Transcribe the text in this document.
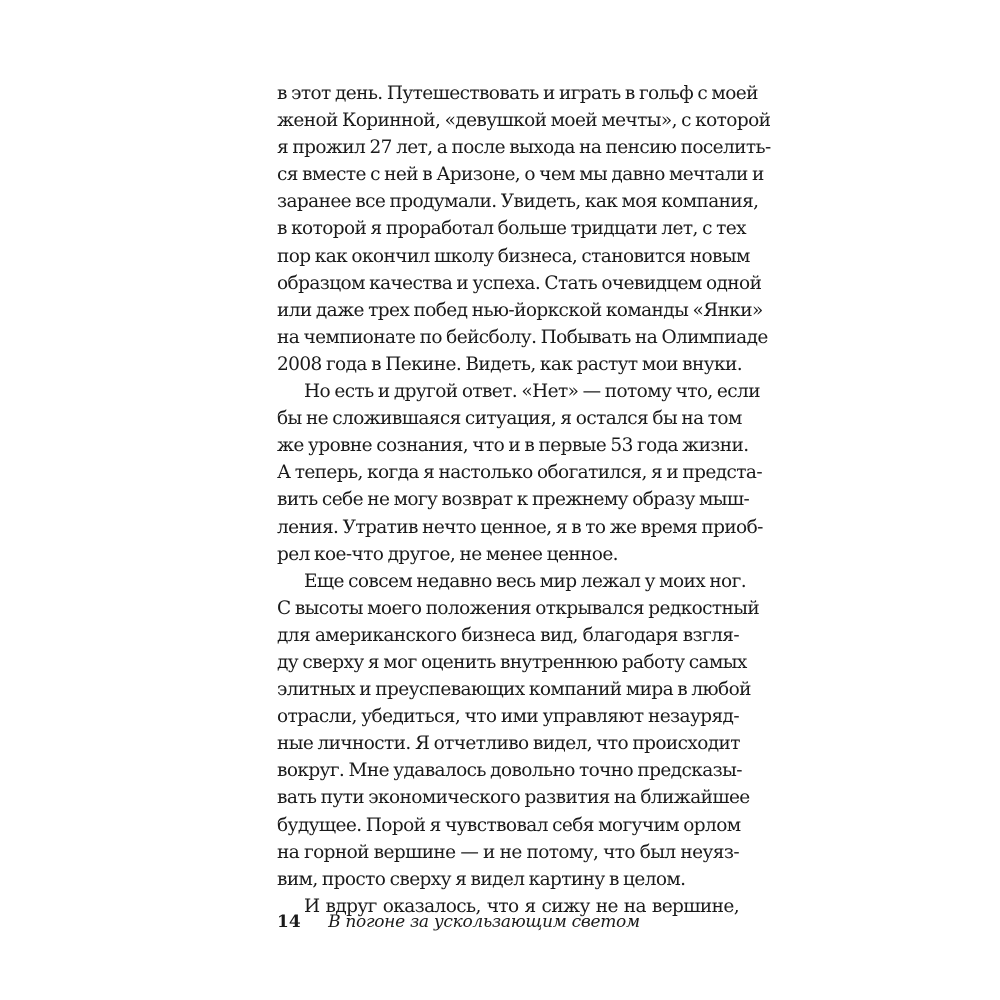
в этот день. Путешествовать и играть в гольф с моей

женой Коринной, «девушкой моей мечты», с которой

я прожил 27 лет, а после выхода на пенсию поселить-

ся вместе с ней в Аризоне, о чем мы давно мечтали и

заранее все продумали. Увидеть, как моя компания,

в которой я проработал больше тридцати лет, с тех

пор как окончил школу бизнеса, становится новым

образцом качества и успеха. Стать очевидцем одной

или даже трех побед нью-йоркской команды «Янки»

на чемпионате по бейсболу. Побывать на Олимпиаде

2008 года в Пекине. Видеть, как растут мои внуки.

Но есть и другой ответ. «Нет» — потому что, если

бы не сложившаяся ситуация, я остался бы на том

же уровне сознания, что и в первые 53 года жизни.

А теперь, когда я настолько обогатился, я и предста-

вить себе не могу возврат к прежнему образу мыш-

ления. Утратив нечто ценное, я в то же время приоб-

рел кое-что другое, не менее ценное.

Еще совсем недавно весь мир лежал у моих ног.

С высоты моего положения открывался редкостный

для американского бизнеса вид, благодаря взгля-

ду сверху я мог оценить внутреннюю работу самых

элитных и преуспевающих компаний мира в любой

отрасли, убедиться, что ими управляют незауряд-

ные личности. Я отчетливо видел, что происходит

вокруг. Мне удавалось довольно точно предсказы-

вать пути экономического развития на ближайшее

будущее. Порой я чувствовал себя могучим орлом

на горной вершине — и не потому, что был неуяз-

вим, просто сверху я видел картину в целом.

И вдруг оказалось, что я сижу не на вершине,

14 В погоне за ускользающим светом
